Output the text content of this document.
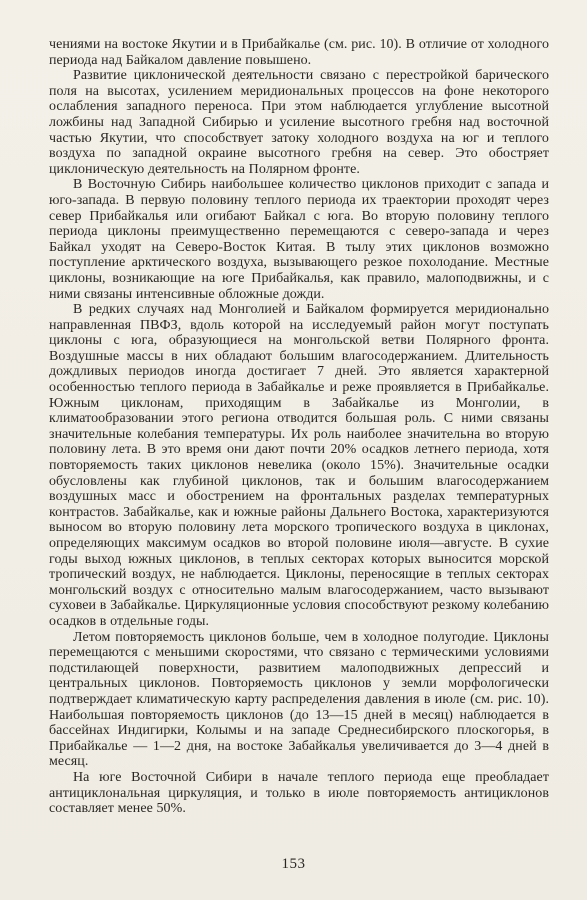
чениями на востоке Якутии и в Прибайкалье (см. рис. 10). В отличие от холодного периода над Байкалом давление повышено.

Развитие циклонической деятельности связано с перестройкой барического поля на высотах, усилением меридиональных процессов на фоне некоторого ослабления западного переноса. При этом наблюдается углубление высотной ложбины над Западной Сибирью и усиление высотного гребня над восточной частью Якутии, что способствует затоку холодного воздуха на юг и теплого воздуха по западной окраине высотного гребня на север. Это обостряет циклоническую деятельность на Полярном фронте.

В Восточную Сибирь наибольшее количество циклонов приходит с запада и юго-запада. В первую половину теплого периода их траектории проходят через север Прибайкалья или огибают Байкал с юга. Во вторую половину теплого периода циклоны преимущественно перемещаются с северо-запада и через Байкал уходят на Северо-Восток Китая. В тылу этих циклонов возможно поступление арктического воздуха, вызывающего резкое похолодание. Местные циклоны, возникающие на юге Прибайкалья, как правило, малоподвижны, и с ними связаны интенсивные обложные дожди.

В редких случаях над Монголией и Байкалом формируется меридионально направленная ПВФЗ, вдоль которой на исследуемый район могут поступать циклоны с юга, образующиеся на монгольской ветви Полярного фронта. Воздушные массы в них обладают большим влагосодержанием. Длительность дождливых периодов иногда достигает 7 дней. Это является характерной особенностью теплого периода в Забайкалье и реже проявляется в Прибайкалье. Южным циклонам, приходящим в Забайкалье из Монголии, в климатообразовании этого региона отводится большая роль. С ними связаны значительные колебания температуры. Их роль наиболее значительна во вторую половину лета. В это время они дают почти 20% осадков летнего периода, хотя повторяемость таких циклонов невелика (около 15%). Значительные осадки обусловлены как глубиной циклонов, так и большим влагосодержанием воздушных масс и обострением на фронтальных разделах температурных контрастов. Забайкалье, как и южные районы Дальнего Востока, характеризуются выносом во вторую половину лета морского тропического воздуха в циклонах, определяющих максимум осадков во второй половине июля—августе. В сухие годы выход южных циклонов, в теплых секторах которых выносится морской тропический воздух, не наблюдается. Циклоны, переносящие в теплых секторах монгольский воздух с относительно малым влагосодержанием, часто вызывают суховеи в Забайкалье. Циркуляционные условия способствуют резкому колебанию осадков в отдельные годы.

Летом повторяемость циклонов больше, чем в холодное полугодие. Циклоны перемещаются с меньшими скоростями, что связано с термическими условиями подстилающей поверхности, развитием малоподвижных депрессий и центральных циклонов. Повторяемость циклонов у земли морфологически подтверждает климатическую карту распределения давления в июле (см. рис. 10). Наибольшая повторяемость циклонов (до 13—15 дней в месяц) наблюдается в бассейнах Индигирки, Колымы и на западе Среднесибирского плоскогорья, в Прибайкалье — 1—2 дня, на востоке Забайкалья увеличивается до 3—4 дней в месяц.

На юге Восточной Сибири в начале теплого периода еще преобладает антициклональная циркуляция, и только в июле повторяемость антициклонов составляет менее 50%.

153
